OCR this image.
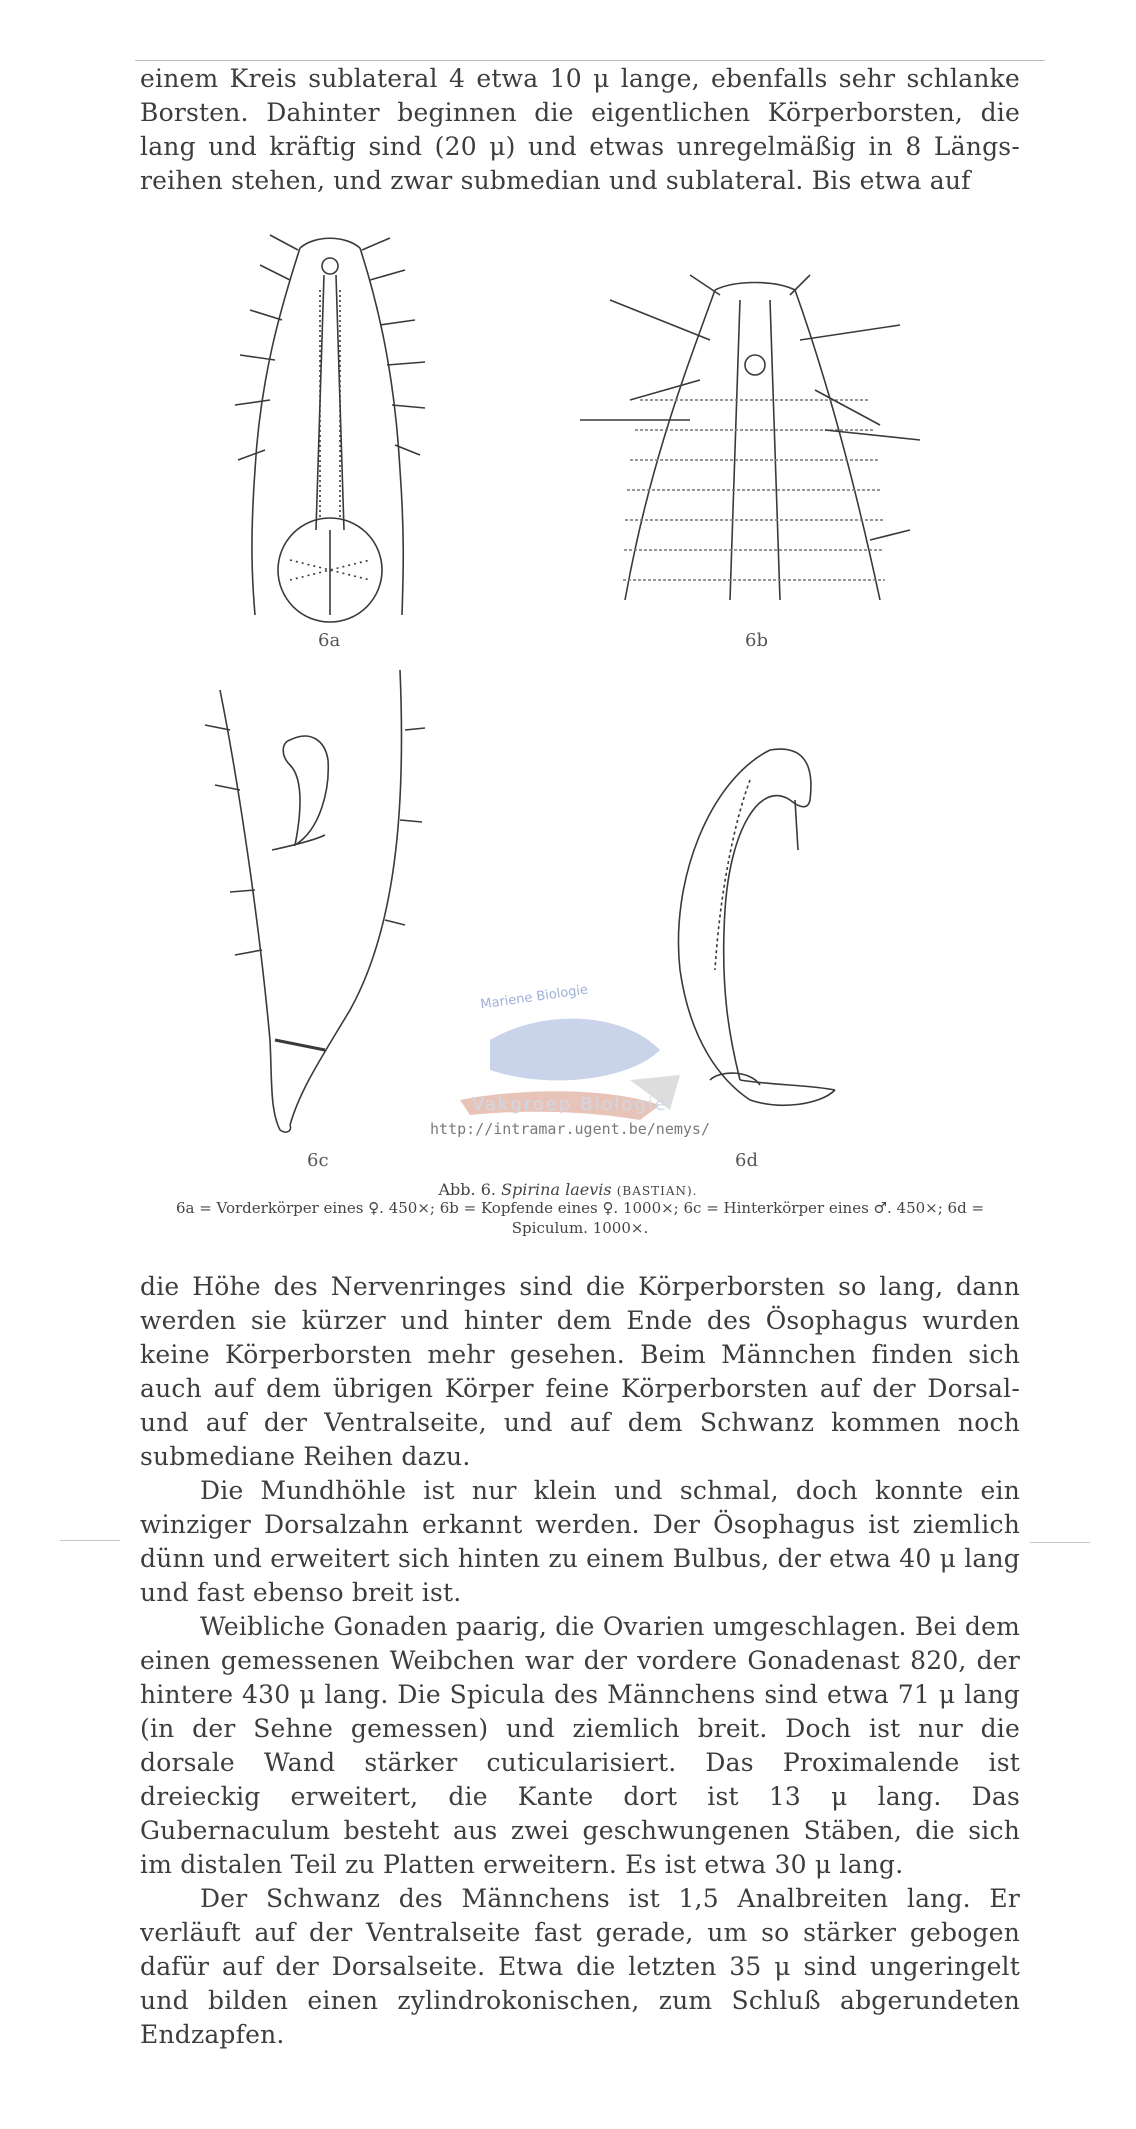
einem Kreis sublateral 4 etwa 10 μ lange, ebenfalls sehr schlanke Borsten. Dahinter beginnen die eigentlichen Körperborsten, die lang und kräftig sind (20 μ) und etwas unregelmäßig in 8 Längs-reihen stehen, und zwar submedian und sublateral. Bis etwa auf

6a	6b
6c	6d
Mariene Biologie
Vakgroep Biologie
http://intramar.ugent.be/nemys/
Abb. 6. Spirina laevis (BASTIAN).
6a = Vorderkörper eines ♀. 450×; 6b = Kopfende eines ♀. 1000×; 6c = Hinterkörper eines ♂. 450×; 6d = Spiculum. 1000×.

die Höhe des Nervenringes sind die Körperborsten so lang, dann werden sie kürzer und hinter dem Ende des Ösophagus wurden keine Körperborsten mehr gesehen. Beim Männchen finden sich auch auf dem übrigen Körper feine Körperborsten auf der Dorsal- und auf der Ventralseite, und auf dem Schwanz kommen noch submediane Reihen dazu.

Die Mundhöhle ist nur klein und schmal, doch konnte ein winziger Dorsalzahn erkannt werden. Der Ösophagus ist ziemlich dünn und erweitert sich hinten zu einem Bulbus, der etwa 40 μ lang und fast ebenso breit ist.

Weibliche Gonaden paarig, die Ovarien umgeschlagen. Bei dem einen gemessenen Weibchen war der vordere Gonadenast 820, der hintere 430 μ lang. Die Spicula des Männchens sind etwa 71 μ lang (in der Sehne gemessen) und ziemlich breit. Doch ist nur die dorsale Wand stärker cuticularisiert. Das Proximalende ist dreieckig erweitert, die Kante dort ist 13 μ lang. Das Gubernaculum besteht aus zwei geschwungenen Stäben, die sich im distalen Teil zu Platten erweitern. Es ist etwa 30 μ lang.

Der Schwanz des Männchens ist 1,5 Analbreiten lang. Er verläuft auf der Ventralseite fast gerade, um so stärker gebogen dafür auf der Dorsalseite. Etwa die letzten 35 μ sind ungeringelt und bilden einen zylindrokonischen, zum Schluß abgerundeten Endzapfen.
